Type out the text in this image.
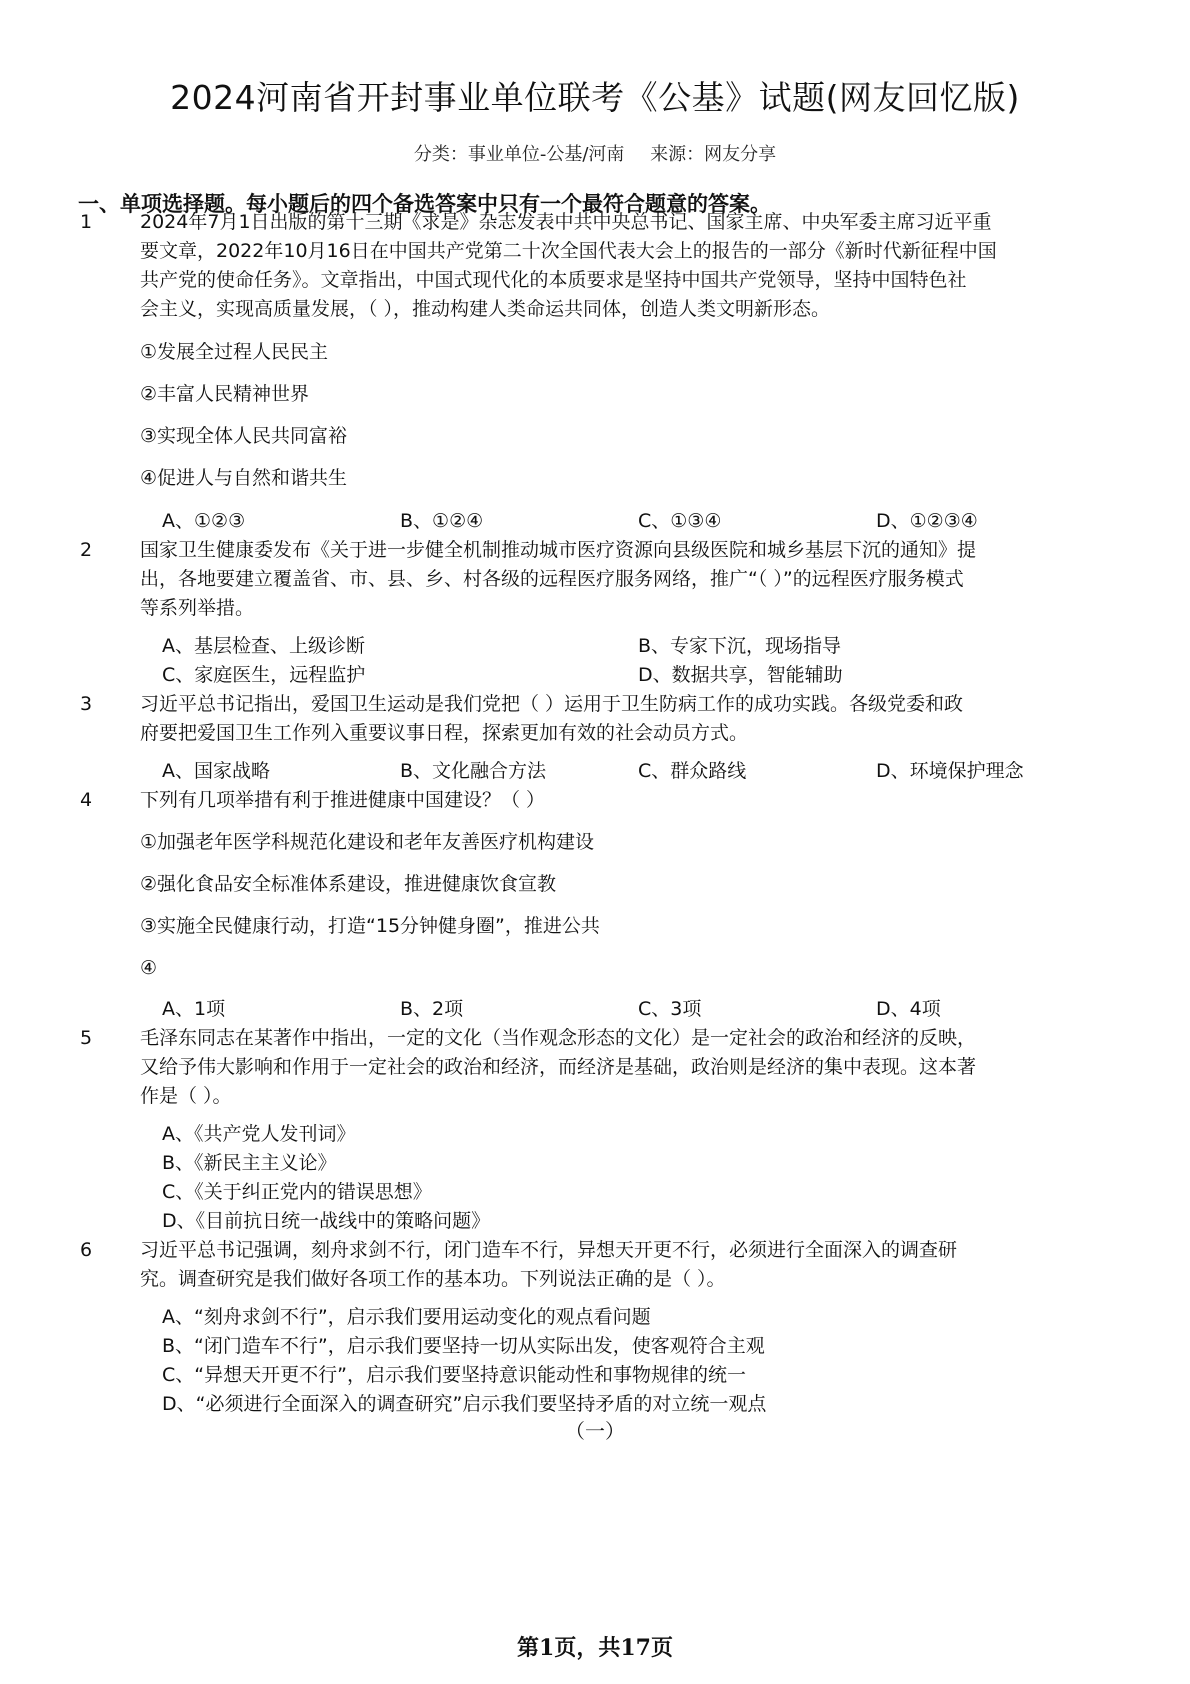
2024河南省开封事业单位联考《公基》试题(网友回忆版)
分类：事业单位-公基/河南 来源：网友分享
一、单项选择题。每小题后的四个备选答案中只有一个最符合题意的答案。
1	2024年7月1日出版的第十三期《求是》杂志发表中共中央总书记、国家主席、中央军委主席习近平重
要文章，2022年10月16日在中国共产党第二十次全国代表大会上的报告的一部分《新时代新征程中国
共产党的使命任务》。文章指出，中国式现代化的本质要求是坚持中国共产党领导，坚持中国特色社
会主义，实现高质量发展，（ ），推动构建人类命运共同体，创造人类文明新形态。
①发展全过程人民民主
②丰富人民精神世界
③实现全体人民共同富裕
④促进人与自然和谐共生
A、①②③	B、①②④	C、①③④	D、①②③④
2	国家卫生健康委发布《关于进一步健全机制推动城市医疗资源向县级医院和城乡基层下沉的通知》提
出，各地要建立覆盖省、市、县、乡、村各级的远程医疗服务网络，推广“（ ）”的远程医疗服务模式
等系列举措。
A、基层检查、上级诊断	B、专家下沉，现场指导
C、家庭医生，远程监护	D、数据共享，智能辅助
3	习近平总书记指出，爱国卫生运动是我们党把（ ）运用于卫生防病工作的成功实践。各级党委和政
府要把爱国卫生工作列入重要议事日程，探索更加有效的社会动员方式。
A、国家战略	B、文化融合方法	C、群众路线	D、环境保护理念
4	下列有几项举措有利于推进健康中国建设？（ ）
①加强老年医学科规范化建设和老年友善医疗机构建设
②强化食品安全标准体系建设，推进健康饮食宣教
③实施全民健康行动，打造“15分钟健身圈”，推进公共
④
A、1项	B、2项	C、3项	D、4项
5	毛泽东同志在某著作中指出，一定的文化（当作观念形态的文化）是一定社会的政治和经济的反映，
又给予伟大影响和作用于一定社会的政治和经济，而经济是基础，政治则是经济的集中表现。这本著
作是（ ）。
A、《共产党人发刊词》
B、《新民主主义论》
C、《关于纠正党内的错误思想》
D、《目前抗日统一战线中的策略问题》
6	习近平总书记强调，刻舟求剑不行，闭门造车不行，异想天开更不行，必须进行全面深入的调查研
究。调查研究是我们做好各项工作的基本功。下列说法正确的是（ ）。
A、“刻舟求剑不行”，启示我们要用运动变化的观点看问题
B、“闭门造车不行”，启示我们要坚持一切从实际出发，使客观符合主观
C、“异想天开更不行”，启示我们要坚持意识能动性和事物规律的统一
D、“必须进行全面深入的调查研究”启示我们要坚持矛盾的对立统一观点
（一）
第1页，共17页
